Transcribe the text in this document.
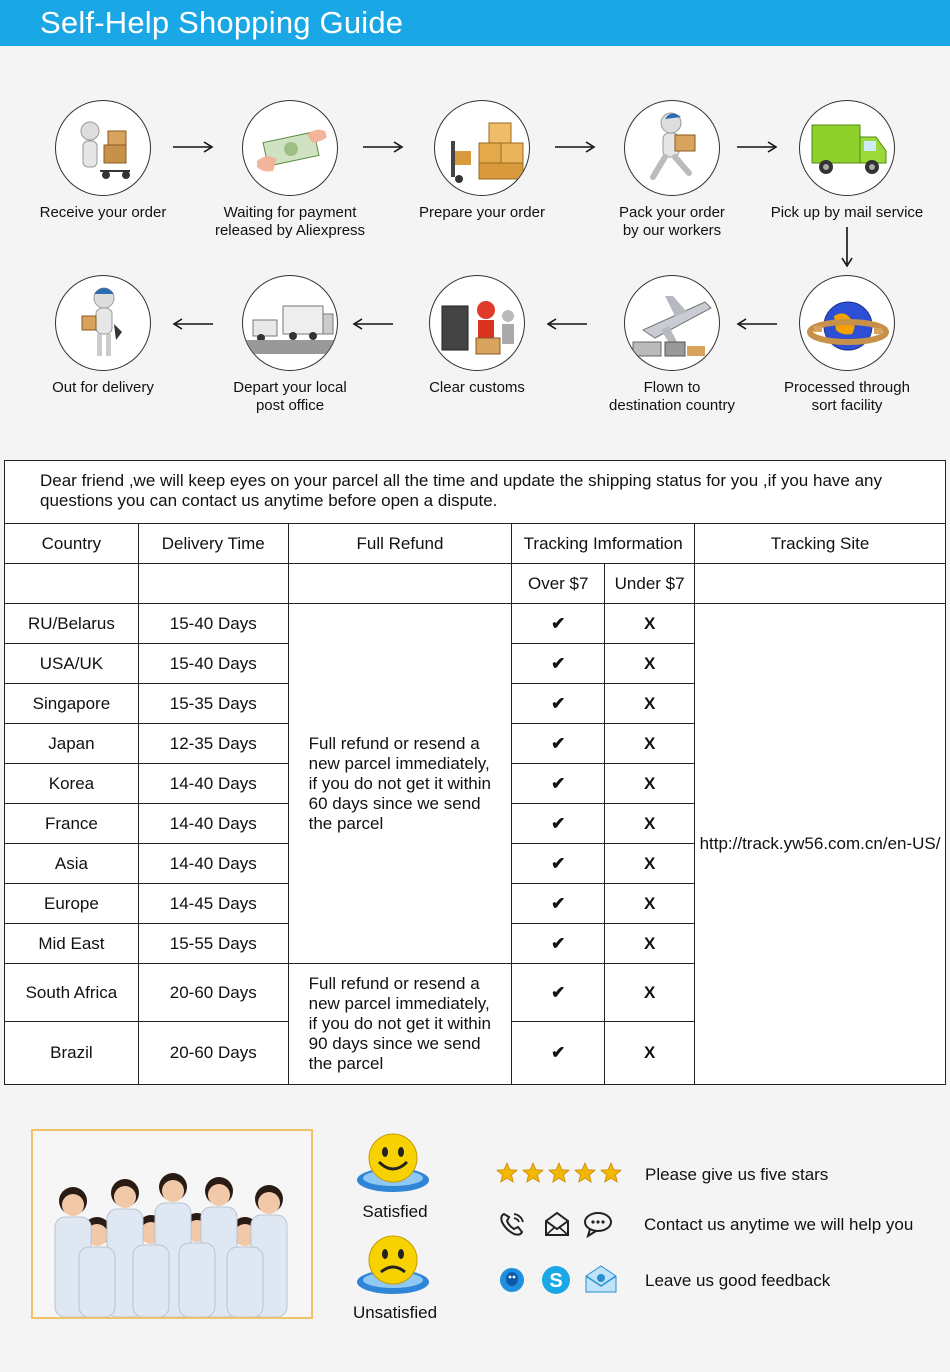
Self-Help Shopping Guide
Receive your order	Waiting for payment
released by Aliexpress
Prepare your order	Pack your order
by our workers
Pick up by mail service
Processed through
sort facility
Flown to
destination country
Clear customs
Depart your local
post office
Out for delivery
Dear friend ,we will keep eyes on your parcel all the time and update the shipping status for you ,if you have any questions you can contact us anytime before open a dispute.					
Country	Delivery Time	Full Refund	Tracking Imformation		Tracking Site
			Over $7	Under $7	
RU/Belarus	15-40 Days	Full refund or resend a
new parcel immediately,
if you do not get it within
60 days since we send
the parcel	✔	X	http://track.yw56.com.cn/en-US/
USA/UK	15-40 Days		✔	X	
Singapore	15-35 Days		✔	X	
Japan	12-35 Days		✔	X	
Korea	14-40 Days		✔	X	
France	14-40 Days		✔	X	
Asia	14-40 Days		✔	X	
Europe	14-45 Days		✔	X	
Mid East	15-55 Days		✔	X	
South Africa	20-60 Days	Full refund or resend a
new parcel immediately,
if you do not get it within
90 days since we send
the parcel	✔	X	
Brazil	20-60 Days		✔	X	
Satisfied
Unsatisfied
Please give us five stars
Contact us anytime we will help you
S	Leave us good feedback
